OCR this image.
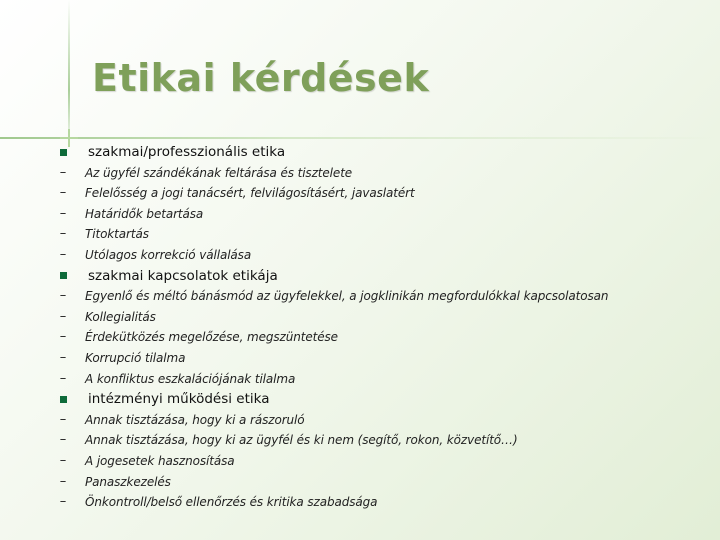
Etikai kérdések
szakmai/professzionális etika
– Az ügyfél szándékának feltárása és tisztelete
– Felelősség a jogi tanácsért, felvilágosításért, javaslatért
– Határidők betartása
– Titoktartás
– Utólagos korrekció vállalása
szakmai kapcsolatok etikája
– Egyenlő és méltó bánásmód az ügyfelekkel, a jogklinikán megfordulókkal kapcsolatosan
– Kollegialitás
– Érdekütközés megelőzése, megszüntetése
– Korrupció tilalma
– A konfliktus eszkalációjának tilalma
intézményi működési etika
– Annak tisztázása, hogy ki a rászoruló
– Annak tisztázása, hogy ki az ügyfél és ki nem (segítő, rokon, közvetítő…)
– A jogesetek hasznosítása
– Panaszkezelés
– Önkontroll/belső ellenőrzés és kritika szabadsága
